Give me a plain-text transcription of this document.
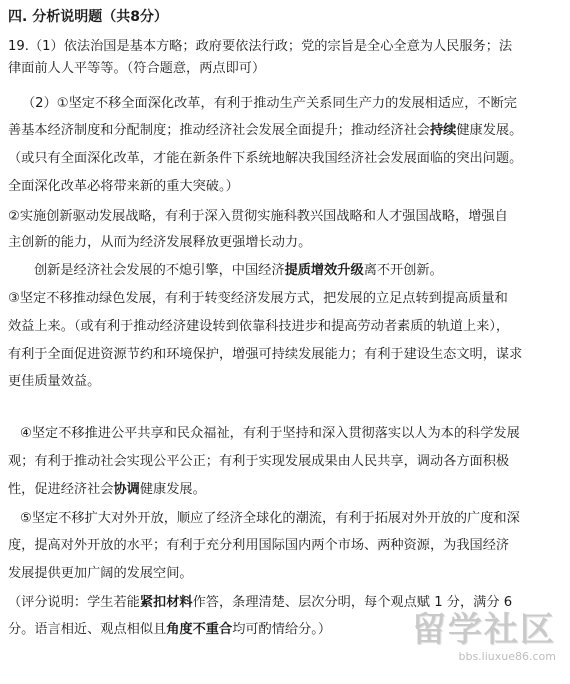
四. 分析说明题（共8分）
19.（1）依法治国是基本方略；政府要依法行政；党的宗旨是全心全意为人民服务；法
律面前人人平等等。（符合题意，两点即可）
（2）①坚定不移全面深化改革，有利于推动生产关系同生产力的发展相适应，不断完
善基本经济制度和分配制度；推动经济社会发展全面提升；推动经济社会持续健康发展。
（或只有全面深化改革，才能在新条件下系统地解决我国经济社会发展面临的突出问题。
全面深化改革必将带来新的重大突破。）
②实施创新驱动发展战略，有利于深入贯彻实施科教兴国战略和人才强国战略，增强自
主创新的能力，从而为经济发展释放更强增长动力。
创新是经济社会发展的不熄引擎，中国经济提质增效升级离不开创新。
③坚定不移推动绿色发展，有利于转变经济发展方式，把发展的立足点转到提高质量和
效益上来。（或有利于推动经济建设转到依靠科技进步和提高劳动者素质的轨道上来），
有利于全面促进资源节约和环境保护，增强可持续发展能力；有利于建设生态文明，谋求
更佳质量效益。
④坚定不移推进公平共享和民众福祉，有利于坚持和深入贯彻落实以人为本的科学发展
观；有利于推动社会实现公平公正；有利于实现发展成果由人民共享，调动各方面积极
性，促进经济社会协调健康发展。
⑤坚定不移扩大对外开放，顺应了经济全球化的潮流，有利于拓展对外开放的广度和深
度，提高对外开放的水平；有利于充分利用国际国内两个市场、两种资源，为我国经济
发展提供更加广阔的发展空间。
（评分说明：学生若能紧扣材料作答，条理清楚、层次分明，每个观点赋 1 分，满分 6
分。语言相近、观点相似且角度不重合均可酌情给分。）	留学社区
bbs.liuxue86.com
